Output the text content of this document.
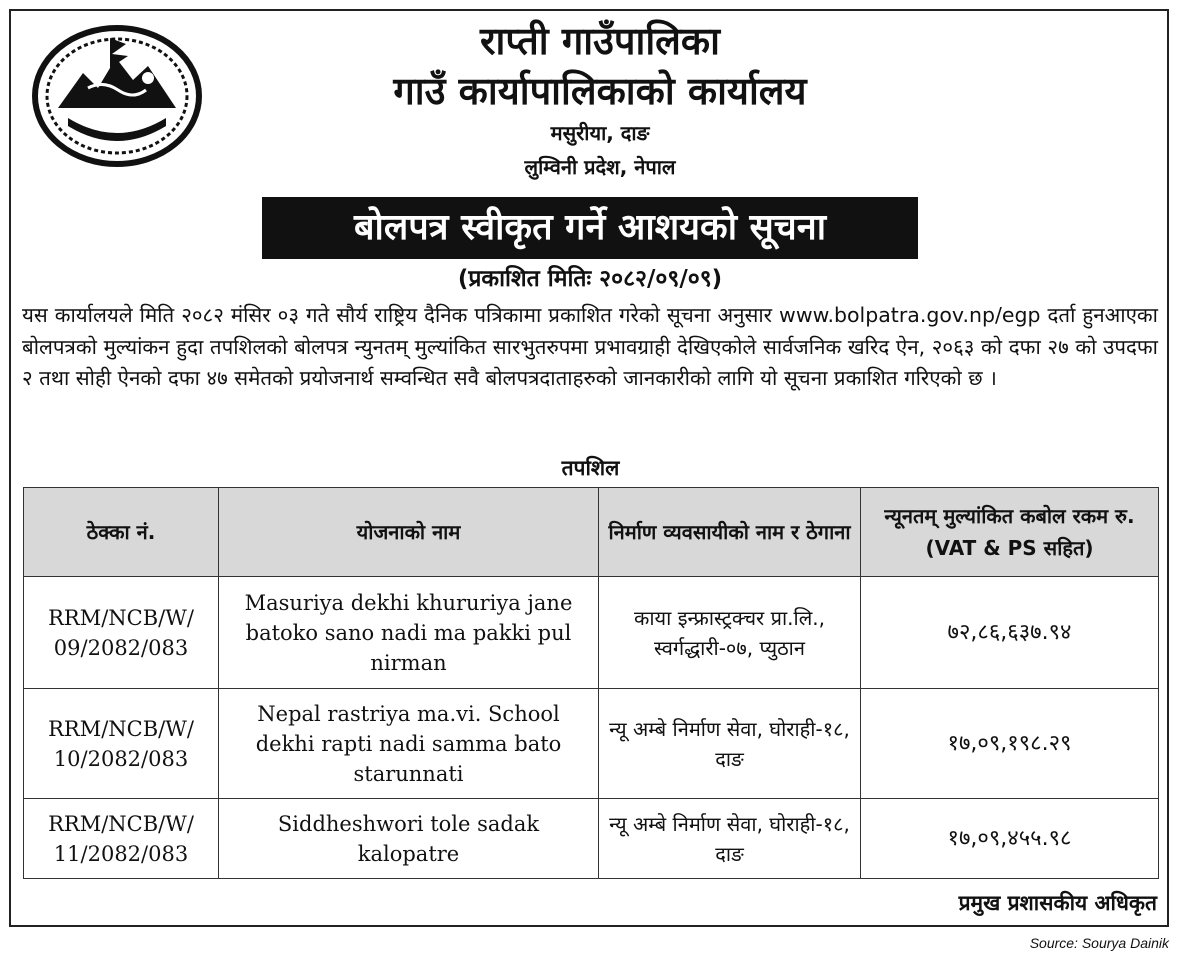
राप्ती गाउँपालिका
गाउँ कार्यापालिकाको कार्यालय
मसुरीया, दाङ
लुम्विनी प्रदेश, नेपाल
बोलपत्र स्वीकृत गर्ने आशयको सूचना
(प्रकाशित मितिः २०८२/०९/०९)
यस कार्यालयले मिति २०८२ मंसिर ०३ गते सौर्य राष्ट्रिय दैनिक पत्रिकामा प्रकाशित गरेको सूचना अनुसार www.bolpatra.gov.np/egp दर्ता हुनआएका बोलपत्रको मुल्यांकन हुदा तपशिलको बोलपत्र न्युनतम् मुल्यांकित सारभुतरुपमा प्रभावग्राही देखिएकोले सार्वजनिक खरिद ऐन, २०६३ को दफा २७ को उपदफा २ तथा सोही ऐनको दफा ४७ समेतको प्रयोजनार्थ सम्वन्धित सवै बोलपत्रदाताहरुको जानकारीको लागि यो सूचना प्रकाशित गरिएको छ ।
तपशिल
ठेक्का नं.	योजनाको नाम	निर्माण व्यवसायीको नाम र ठेगाना	न्यूनतम् मुल्यांकित कबोल रकम रु. (VAT & PS सहित)
RRM/NCB/W/ 09/2082/083	Masuriya dekhi khururiya jane batoko sano nadi ma pakki pul nirman	काया इन्फ्रास्ट्रक्चर प्रा.लि., स्वर्गद्धारी-०७, प्युठान	७२,८६,६३७.९४
RRM/NCB/W/ 10/2082/083	Nepal rastriya ma.vi. School dekhi rapti nadi samma bato starunnati	न्यू अम्बे निर्माण सेवा, घोराही-१८, दाङ	१७,०९,१९८.२९
RRM/NCB/W/ 11/2082/083	Siddheshwori tole sadak kalopatre	न्यू अम्बे निर्माण सेवा, घोराही-१८, दाङ	१७,०९,४५५.९८
प्रमुख प्रशासकीय अधिकृत
Source: Sourya Dainik
